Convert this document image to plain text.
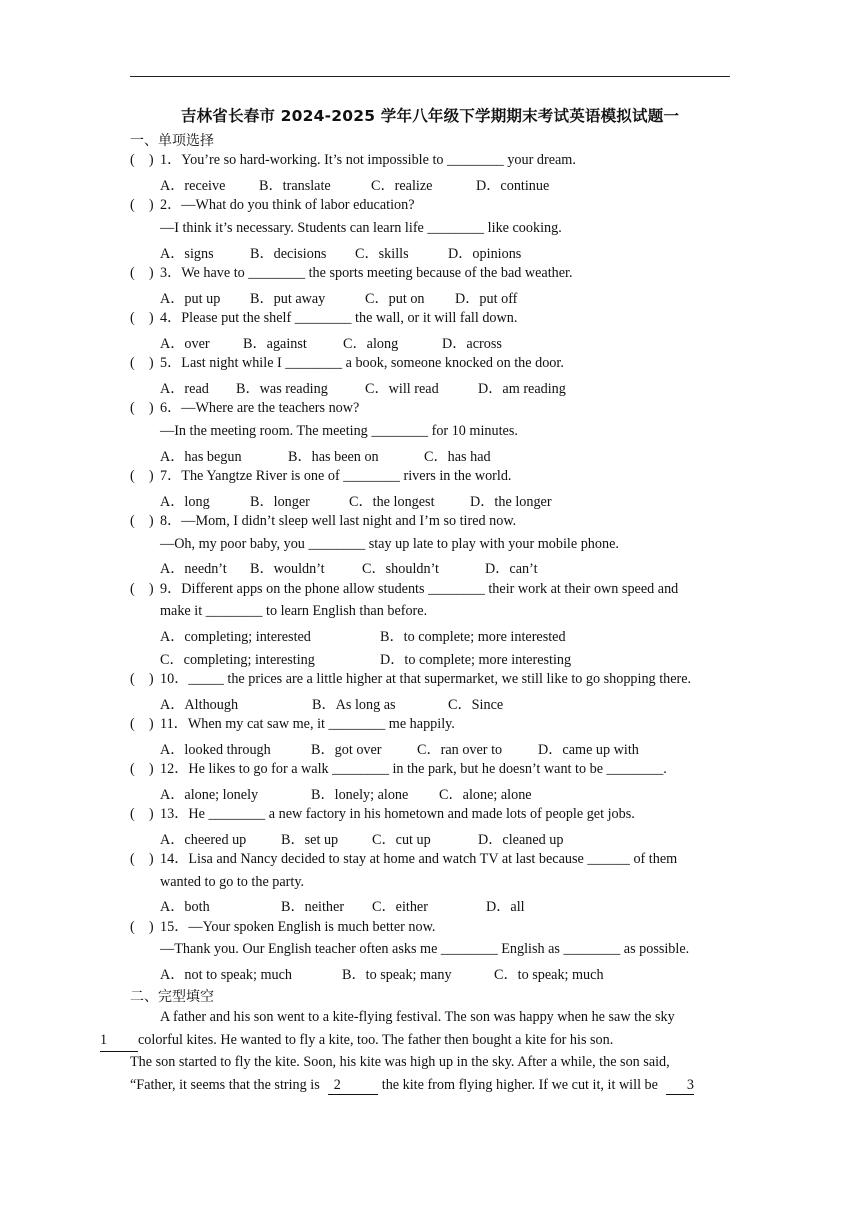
吉林省长春市 2024-2025 学年八年级下学期期末考试英语模拟试题一
一、单项选择
(    ) 1．You’re so hard-working. It’s not impossible to ________ your dream.
A．receive B．translate	C．realize	D．continue
(    ) 2．—What do you think of labor education?
—I think it’s necessary. Students can learn life ________ like cooking.
A．signs	B．decisions C．skills	D．opinions
(    ) 3．We have to ________ the sports meeting because of the bad weather.
A．put up B．put away	C．put on D．put off
(    ) 4．Please put the shelf ________ the wall, or it will fall down.
A．over B．against	C．along	D．across
(    ) 5．Last night while I ________ a book, someone knocked on the door.
A．read B．was reading	C．will read	D．am reading
(    ) 6．—Where are the teachers now?
—In the meeting room. The meeting ________ for 10 minutes.
A．has begun	B．has been on	C．has had
(    ) 7．The Yangtze River is one of ________ rivers in the world.
A．long	B．longer	C．the longest D．the longer
(    ) 8．—Mom, I didn’t sleep well last night and I’m so tired now.
—Oh, my poor baby, you ________ stay up late to play with your mobile phone.
A．needn’t B．wouldn’t	C．shouldn’t	D．can’t
(    ) 9．Different apps on the phone allow students ________ their work at their own speed and
make it ________ to learn English than before.
A．completing; interested	B．to complete; more interested
C．completing; interesting	D．to complete; more interesting
(    ) 10．_____ the prices are a little higher at that supermarket, we still like to go shopping there.
A．Although	B．As long as	C．Since
(    ) 11．When my cat saw me, it ________ me happily.
A．looked through	B．got over C．ran over to	D．came up with
(    ) 12．He likes to go for a walk ________ in the park, but he doesn’t want to be ________.
A．alone; lonely	B．lonely; alone C．alone; alone
(    ) 13．He ________ a new factory in his hometown and made lots of people get jobs.
A．cheered up B．set up C．cut up	D．cleaned up
(    ) 14．Lisa and Nancy decided to stay at home and watch TV at last because ______ of them
wanted to go to the party.
A．both	B．neither C．either	D．all
(    ) 15．—Your spoken English is much better now.
—Thank you. Our English teacher often asks me ________ English as ________ as possible.
A．not to speak; much	B．to speak; many	C．to speak; much
二、完型填空
A father and his son went to a kite-flying festival. The son was happy when he saw the sky
1 colorful kites. He wanted to fly a kite, too. The father then bought a kite for his son.
The son started to fly the kite. Soon, his kite was high up in the sky. After a while, the son said,
“Father, it seems that the string is 2	the kite from flying higher. If we cut it, it will be 3
